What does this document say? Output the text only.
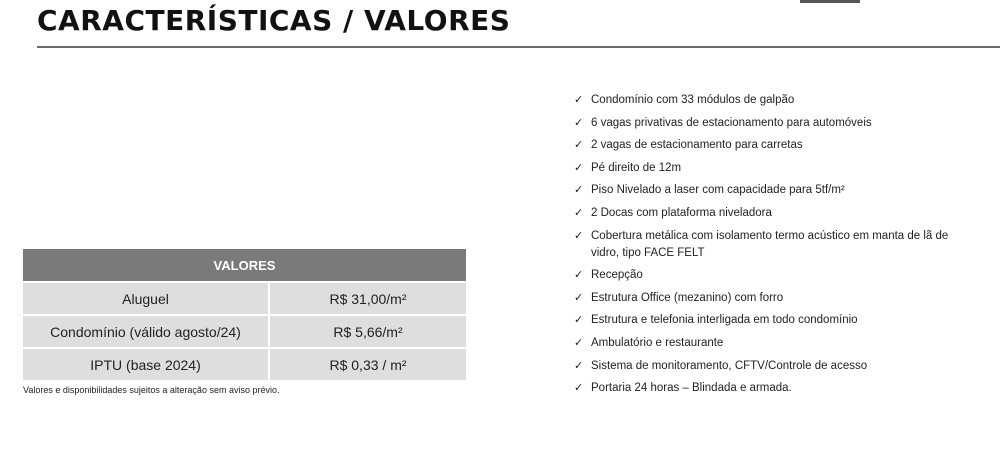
CARACTERÍSTICAS / VALORES
VALORES	
Aluguel	R$ 31,00/m²
Condomínio (válido agosto/24)	R$ 5,66/m²
IPTU (base 2024)	R$ 0,33 / m²
Valores e disponibilidades sujeitos a alteração sem aviso prévio.
✓ Condomínio com 33 módulos de galpão
✓ 6 vagas privativas de estacionamento para automóveis
✓ 2 vagas de estacionamento para carretas
✓ Pé direito de 12m
✓ Piso Nivelado a laser com capacidade para 5tf/m²
✓ 2 Docas com plataforma niveladora
✓ Cobertura metálica com isolamento termo acústico em manta de lã de vidro, tipo FACE FELT
✓ Recepção
✓ Estrutura Office (mezanino) com forro
✓ Estrutura e telefonia interligada em todo condomínio
✓ Ambulatório e restaurante
✓ Sistema de monitoramento, CFTV/Controle de acesso
✓ Portaria 24 horas – Blindada e armada.
